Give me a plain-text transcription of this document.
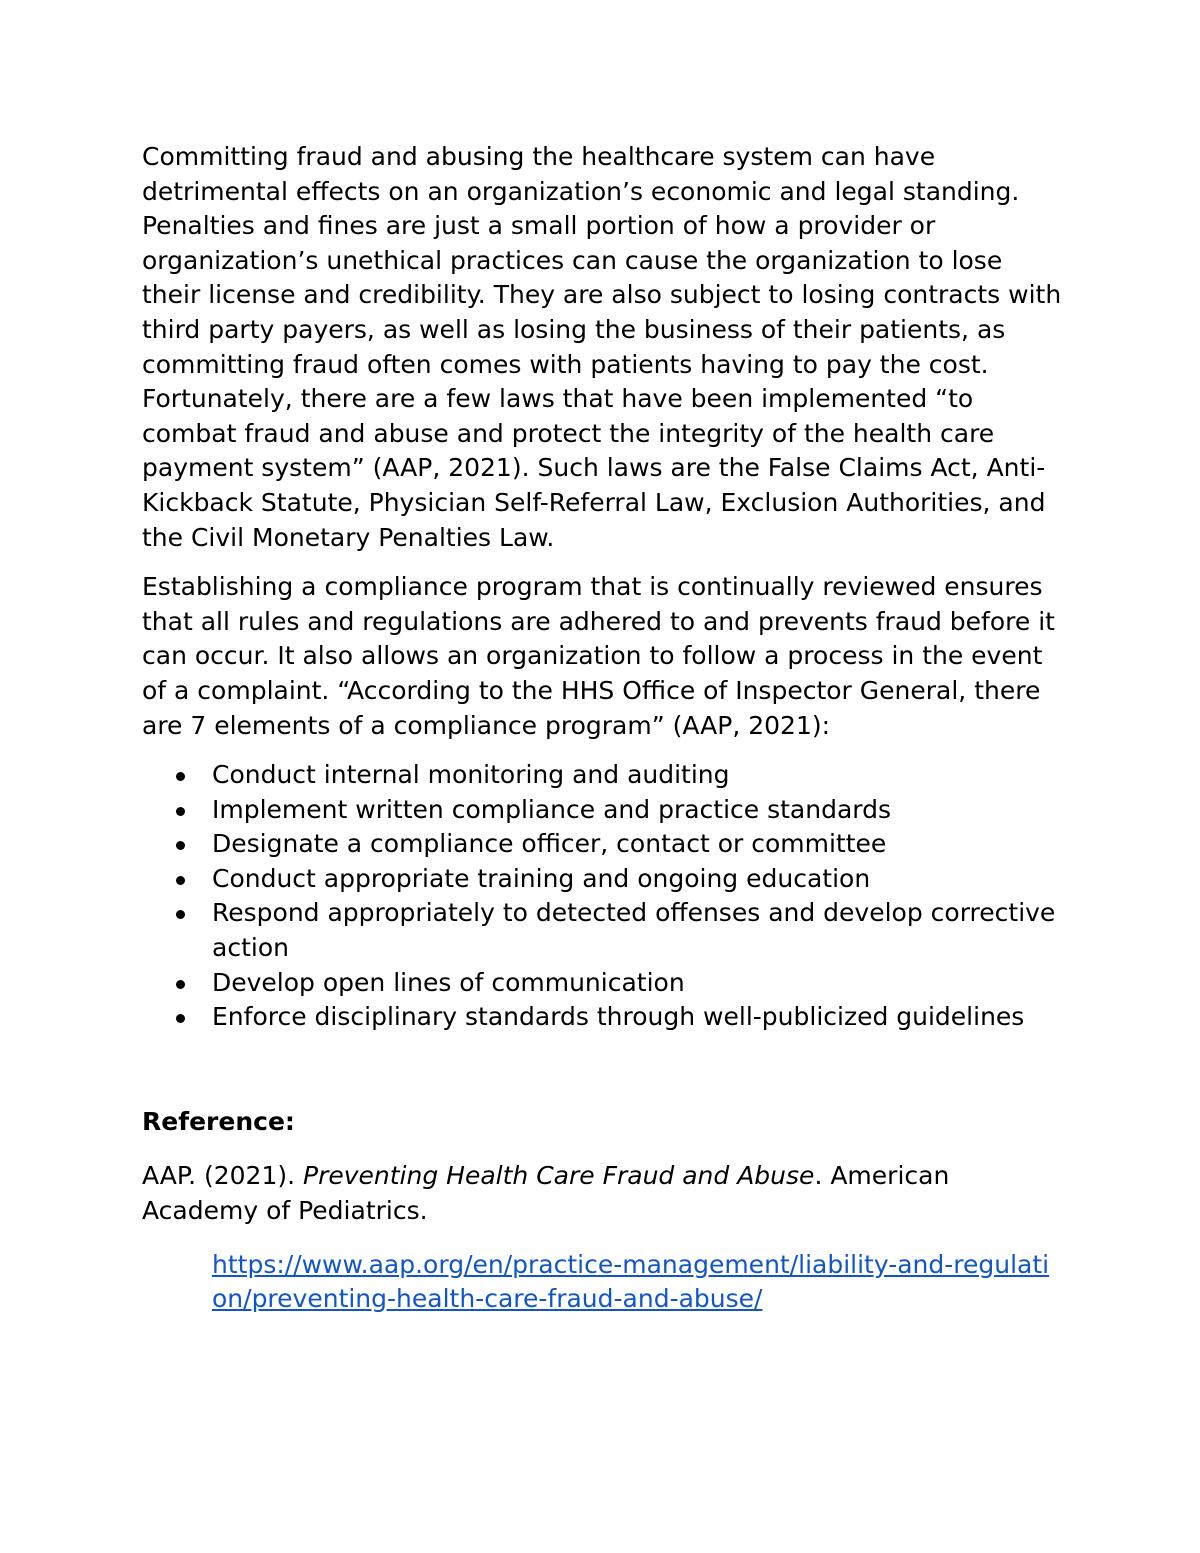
Committing fraud and abusing the healthcare system can have detrimental effects on an organization’s economic and legal standing. Penalties and fines are just a small portion of how a provider or organization’s unethical practices can cause the organization to lose their license and credibility. They are also subject to losing contracts with third party payers, as well as losing the business of their patients, as committing fraud often comes with patients having to pay the cost. Fortunately, there are a few laws that have been implemented “to combat fraud and abuse and protect the integrity of the health care payment system” (AAP, 2021). Such laws are the False Claims Act, Anti-Kickback Statute, Physician Self-Referral Law, Exclusion Authorities, and the Civil Monetary Penalties Law.

Establishing a compliance program that is continually reviewed ensures that all rules and regulations are adhered to and prevents fraud before it can occur. It also allows an organization to follow a process in the event of a complaint. “According to the HHS Office of Inspector General, there are 7 elements of a compliance program” (AAP, 2021):

Conduct internal monitoring and auditing
Implement written compliance and practice standards
Designate a compliance officer, contact or committee
Conduct appropriate training and ongoing education
Respond appropriately to detected offenses and develop corrective action
Develop open lines of communication
Enforce disciplinary standards through well-publicized guidelines

Reference:

AAP. (2021). Preventing Health Care Fraud and Abuse. American Academy of Pediatrics.

https://www.aap.org/en/practice-management/liability-and-regulation/preventing-health-care-fraud-and-abuse/
